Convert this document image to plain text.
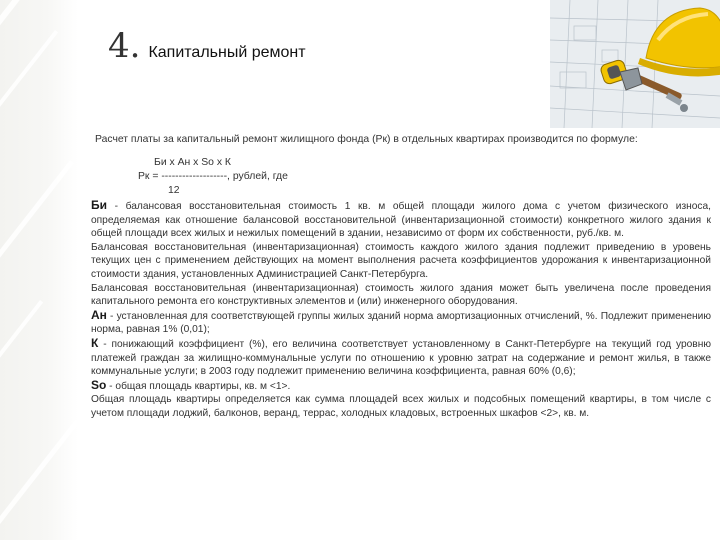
4. Капитальный ремонт
Расчет платы за капитальный ремонт жилищного фонда (Рк) в отдельных квартирах производится по формуле:
Би х Ан х So х К
Рк = -------------------, рублей, где
12

Би - балансовая восстановительная стоимость 1 кв. м общей площади жилого дома с учетом физического износа, определяемая как отношение балансовой восстановительной (инвентаризационной стоимости) конкретного жилого здания к общей площади всех жилых и нежилых помещений в здании, независимо от форм их собственности, руб./кв. м.

Балансовая восстановительная (инвентаризационная) стоимость каждого жилого здания подлежит приведению в уровень текущих цен с применением действующих на момент выполнения расчета коэффициентов удорожания к инвентаризационной стоимости здания, установленных Администрацией Санкт-Петербурга.

Балансовая восстановительная (инвентаризационная) стоимость жилого здания может быть увеличена после проведения капитального ремонта его конструктивных элементов и (или) инженерного оборудования.

Ан - установленная для соответствующей группы жилых зданий норма амортизационных отчислений, %. Подлежит применению норма, равная 1% (0,01);

К - понижающий коэффициент (%), его величина соответствует установленному в Санкт-Петербурге на текущий год уровню платежей граждан за жилищно-коммунальные услуги по отношению к уровню затрат на содержание и ремонт жилья, в также коммунальные услуги; в 2003 году подлежит применению величина коэффициента, равная 60% (0,6);

So - общая площадь квартиры, кв. м <1>.

Общая площадь квартиры определяется как сумма площадей всех жилых и подсобных помещений квартиры, в том числе с учетом площади лоджий, балконов, веранд, террас, холодных кладовых, встроенных шкафов <2>, кв. м.
